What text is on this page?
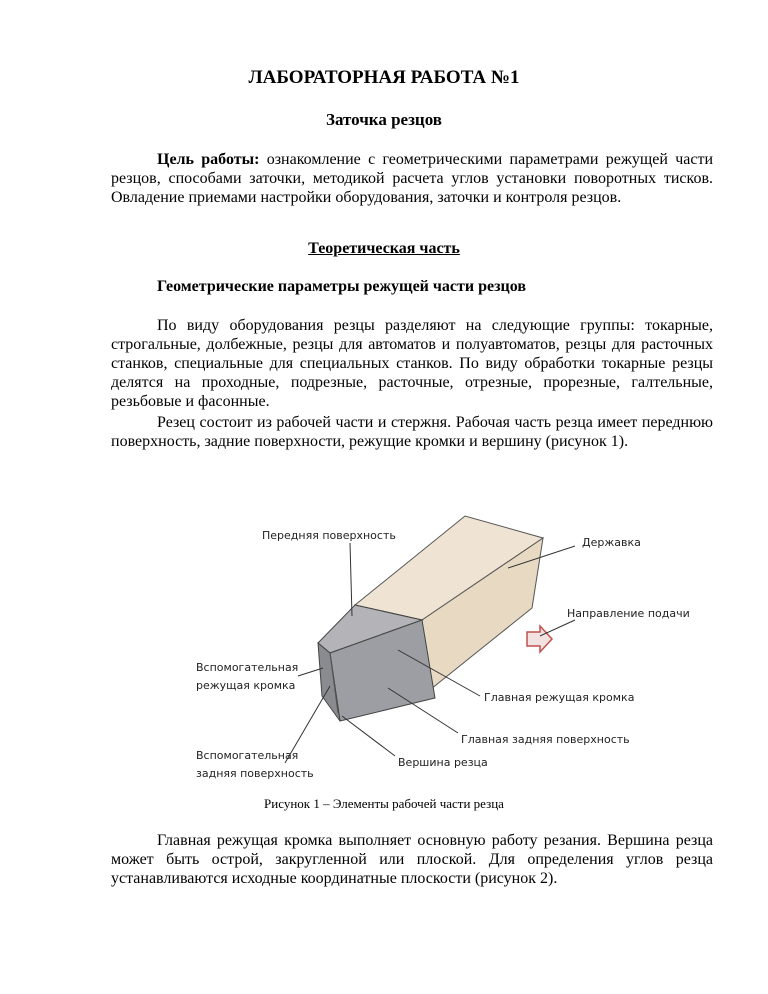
ЛАБОРАТОРНАЯ РАБОТА №1
Заточка резцов

Цель работы: ознакомление с геометрическими параметрами режущей части резцов, способами заточки, методикой расчета углов установки поворотных тисков. Овладение приемами настройки оборудования, заточки и контроля резцов.

Теоретическая часть
Геометрические параметры режущей части резцов

По виду оборудования резцы разделяют на следующие группы: токарные, строгальные, долбежные, резцы для автоматов и полуавтоматов, резцы для расточных станков, специальные для специальных станков. По виду обработки токарные резцы делятся на проходные, подрезные, расточные, отрезные, прорезные, галтельные, резьбовые и фасонные.

Резец состоит из рабочей части и стержня. Рабочая часть резца имеет переднюю поверхность, задние поверхности, режущие кромки и вершину (рисунок 1).

Передняя поверхность
Державка
Направление подачи
Вспомогательная
режущая кромка
Главная режущая кромка
Главная задняя поверхность
Вспомогательная
задняя поверхность
Вершина резца
Рисунок 1 – Элементы рабочей части резца

Главная режущая кромка выполняет основную работу резания. Вершина резца может быть острой, закругленной или плоской. Для определения углов резца устанавливаются исходные координатные плоскости (рисунок 2).
